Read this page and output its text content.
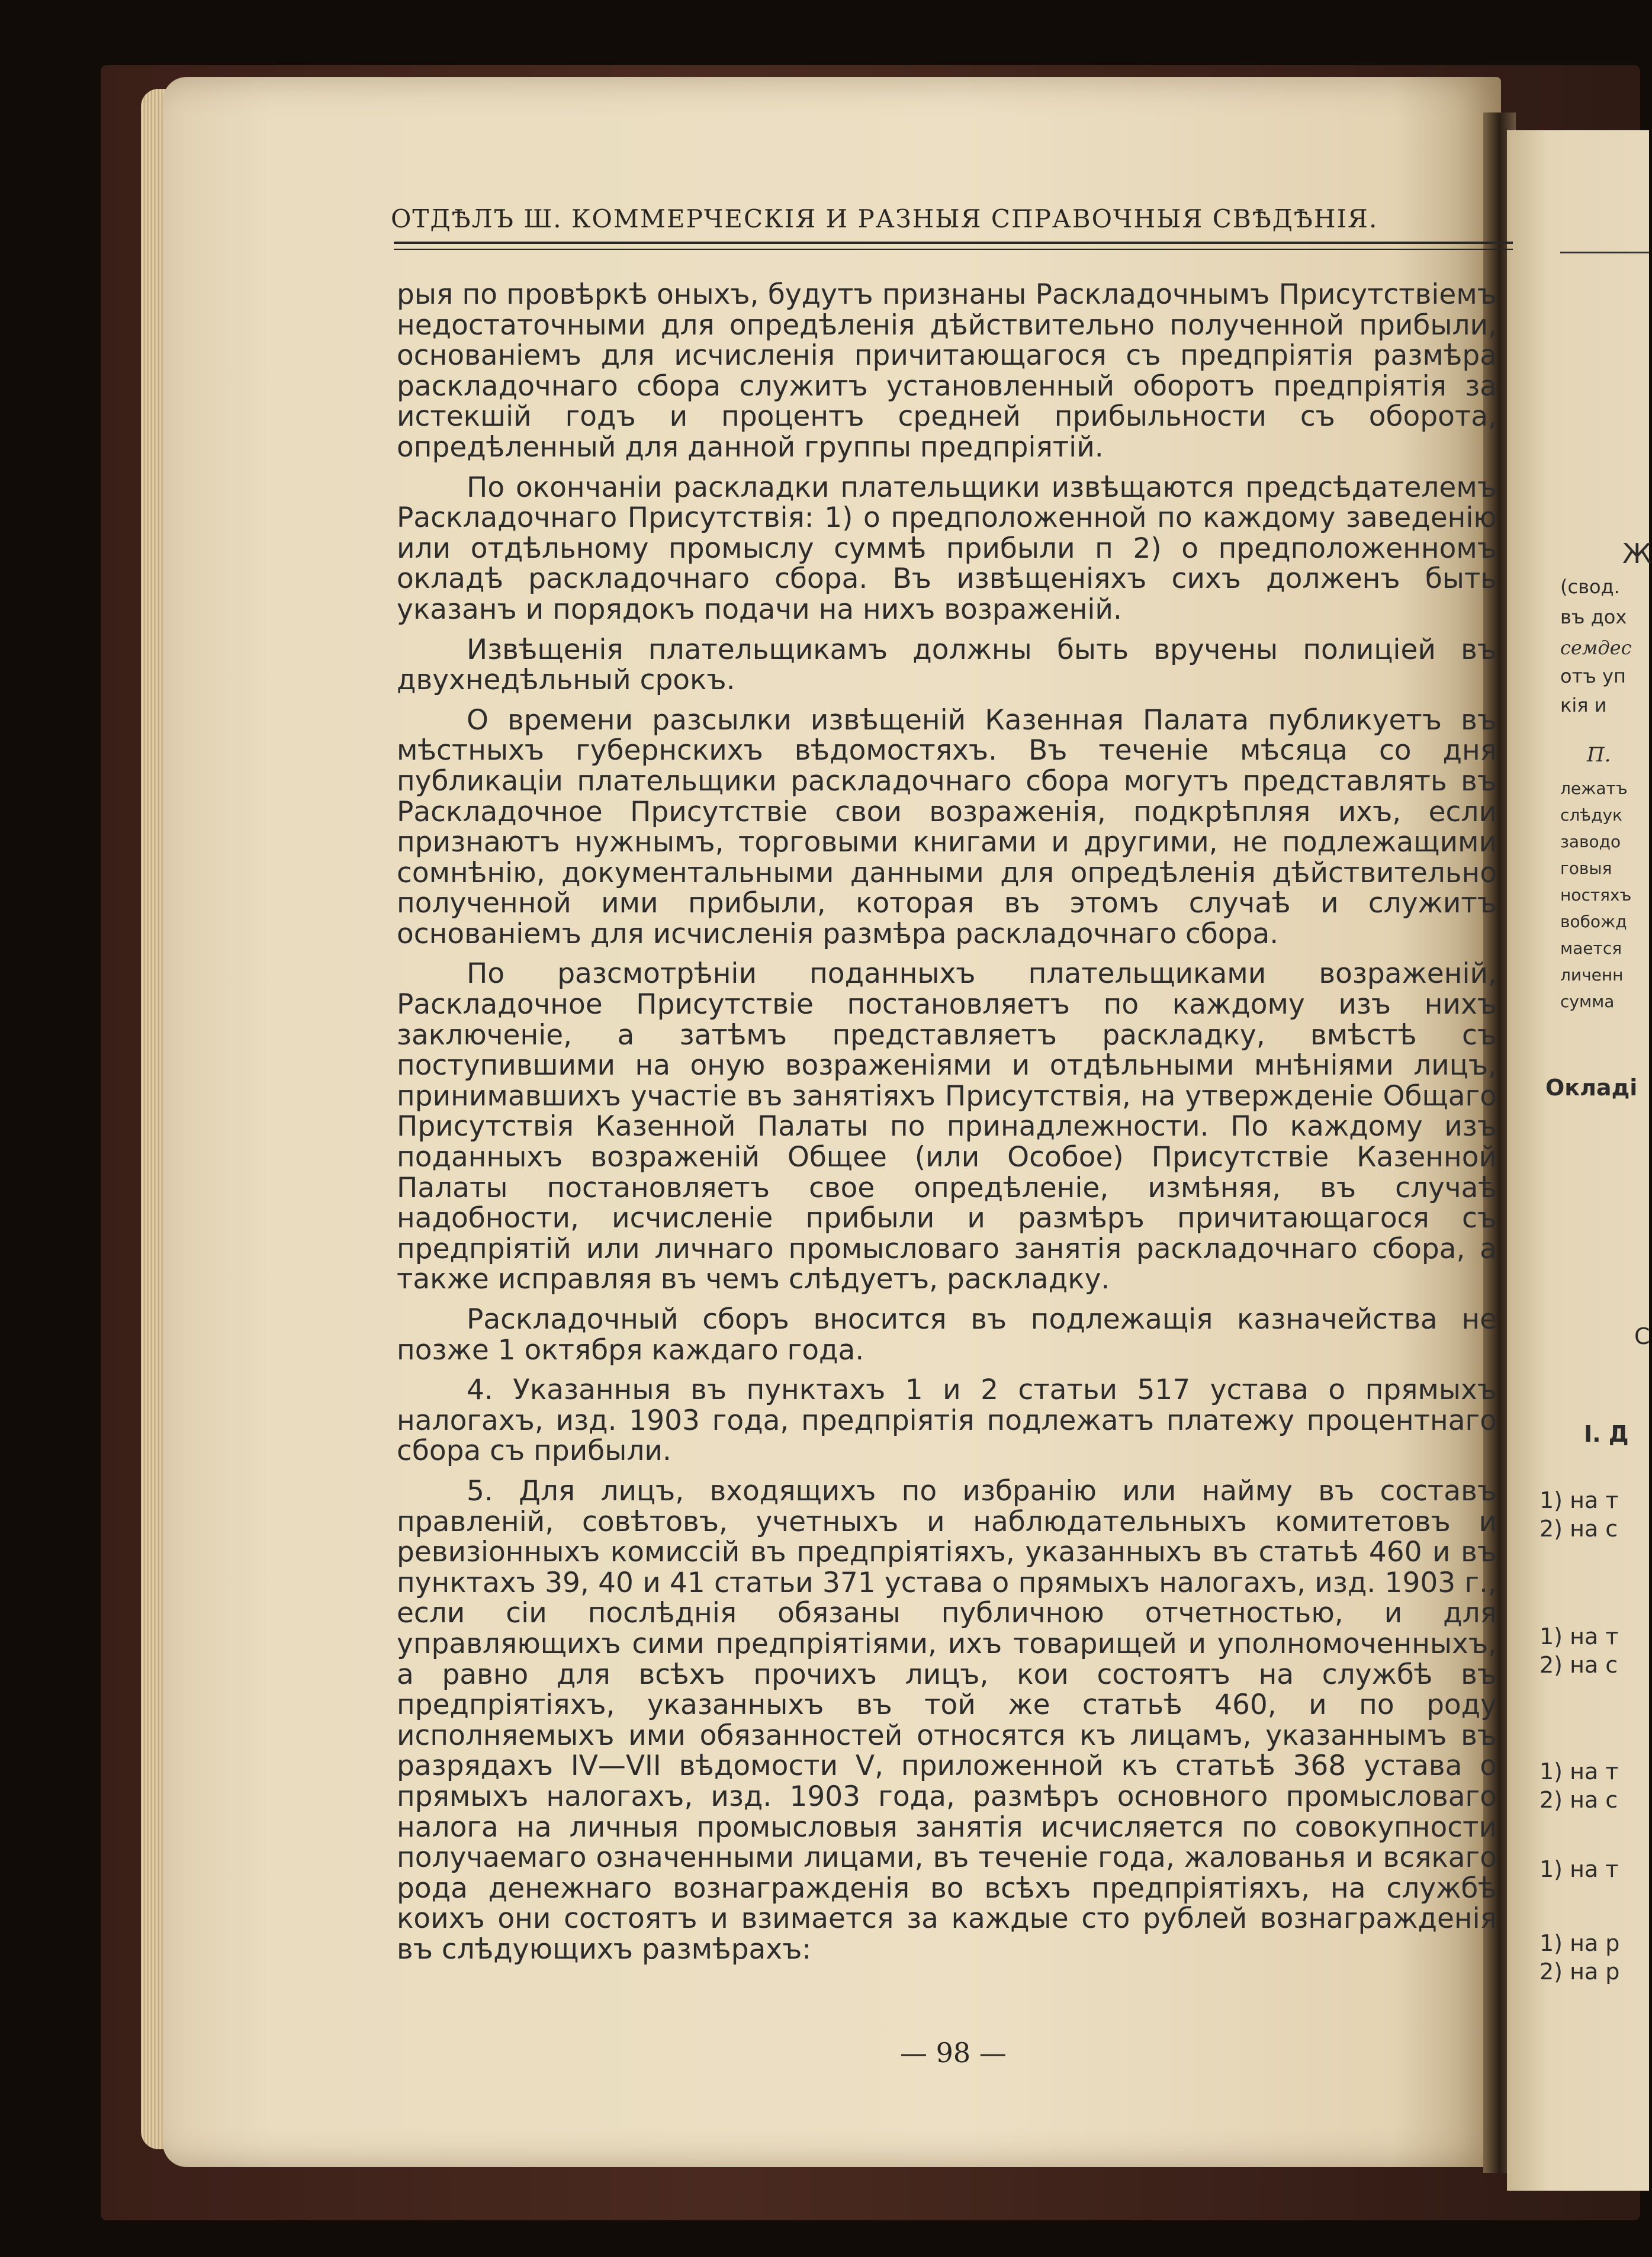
Ж
(свод.
въ дох
семдес
отъ уп
кія и
П.
лежатъ
слѣдук
заводо
говыя
ностяхъ
вобожд
мается
личенн
сумма
Окладі
С
I. Д
1) на т
2) на с
1) на т
2) на с
1) на т
2) на с
1) на т
1) на р
2) на р
ОТДѢЛЪ Ш. КОММЕРЧЕСКІЯ И РАЗНЫЯ СПРАВОЧНЫЯ СВѢДѢНІЯ.

рыя по провѣркѣ оныхъ, будутъ признаны Раскладочнымъ Присутствіемъ недостаточными для опредѣленія дѣйствительно полученной прибыли, основаніемъ для исчисленія причитающагося съ предпріятія размѣра раскладочнаго сбора служитъ установленный оборотъ предпріятія за истекшій годъ и процентъ средней прибыльности съ оборота, опредѣленный для данной группы предпріятій.

По окончаніи раскладки плательщики извѣщаются предсѣдателемъ Раскладочнаго Присутствія: 1) о предположенной по каждому заведенію или отдѣльному промыслу суммѣ прибыли п 2) о предположенномъ окладѣ раскладочнаго сбора. Въ извѣщеніяхъ сихъ долженъ быть указанъ и порядокъ подачи на нихъ возраженій.

Извѣщенія плательщикамъ должны быть вручены полиціей въ двухнедѣльный срокъ.

О времени разсылки извѣщеній Казенная Палата публикуетъ въ мѣстныхъ губернскихъ вѣдомостяхъ. Въ теченіе мѣсяца со дня публикаціи плательщики раскладочнаго сбора могутъ представлять въ Раскладочное Присутствіе свои возраженія, подкрѣпляя ихъ, если признаютъ нужнымъ, торговыми книгами и другими, не подлежащими сомнѣнію, документальными данными для опредѣленія дѣйствительно полученной ими прибыли, которая въ этомъ случаѣ и служитъ основаніемъ для исчисленія размѣра раскладочнаго сбора.

По разсмотрѣніи поданныхъ плательщиками возраженій, Раскладочное Присутствіе постановляетъ по каждому изъ нихъ заключеніе, а затѣмъ представляетъ раскладку, вмѣстѣ съ поступившими на оную возраженіями и отдѣльными мнѣніями лицъ, принимавшихъ участіе въ занятіяхъ Присутствія, на утвержденіе Общаго Присутствія Казенной Палаты по принадлежности. По каждому изъ поданныхъ возраженій Общее (или Особое) Присутствіе Казенной Палаты постановляетъ свое опредѣленіе, измѣняя, въ случаѣ надобности, исчисленіе прибыли и размѣръ причитающагося съ предпріятій или личнаго промысловаго занятія раскладочнаго сбора, а также исправляя въ чемъ слѣдуетъ, раскладку.

Раскладочный сборъ вносится въ подлежащія казначейства не позже 1 октября каждаго года.

4. Указанныя въ пунктахъ 1 и 2 статьи 517 устава о прямыхъ налогахъ, изд. 1903 года, предпріятія подлежатъ платежу процентнаго сбора съ прибыли.

5. Для лицъ, входящихъ по избранію или найму въ составъ правленій, совѣтовъ, учетныхъ и наблюдательныхъ комитетовъ и ревизіонныхъ комиссій въ предпріятіяхъ, указанныхъ въ статьѣ 460 и въ пунктахъ 39, 40 и 41 статьи 371 устава о прямыхъ налогахъ, изд. 1903 г., если сіи послѣднія обязаны публичною отчетностью, и для управляющихъ сими предпріятіями, ихъ товарищей и уполномоченныхъ, а равно для всѣхъ прочихъ лицъ, кои состоятъ на службѣ въ предпріятіяхъ, указанныхъ въ той же статьѣ 460, и по роду исполняемыхъ ими обязанностей относятся къ лицамъ, указаннымъ въ разрядахъ IV—VII вѣдомости V, приложенной къ статьѣ 368 устава о прямыхъ налогахъ, изд. 1903 года, размѣръ основного промысловаго налога на личныя промысловыя занятія исчисляется по совокупности получаемаго означенными лицами, въ теченіе года, жалованья и всякаго рода денежнаго вознагражденія во всѣхъ предпріятіяхъ, на службѣ коихъ они состоятъ и взимается за каждые сто рублей вознагражденія въ слѣдующихъ размѣрахъ:

— 98 —
